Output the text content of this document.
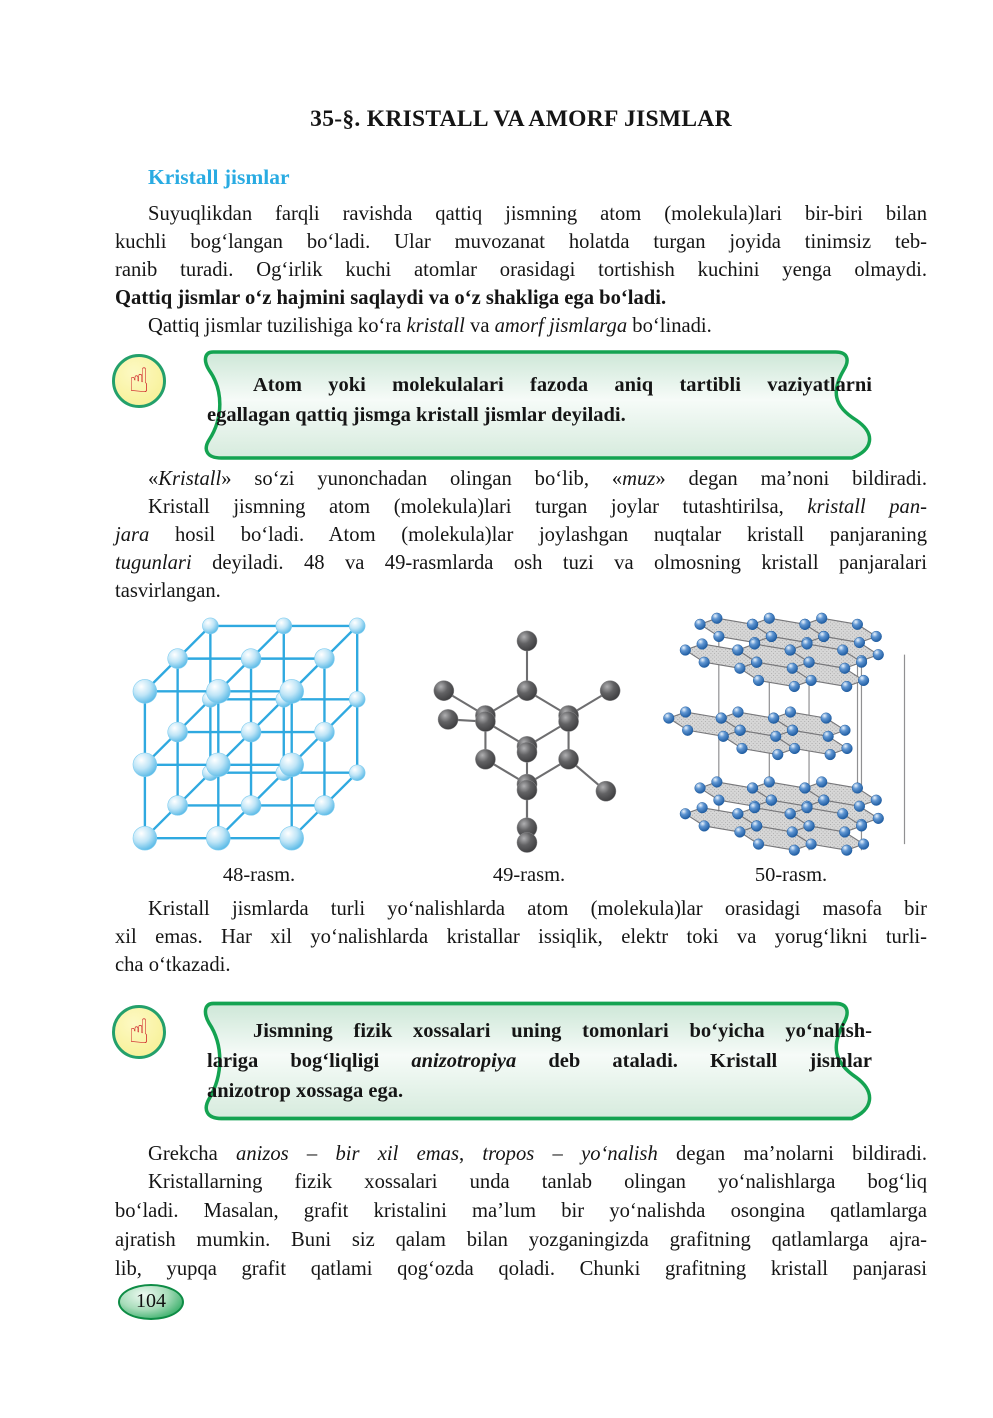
35-§. KRISTALL VA AMORF JISMLAR
Kristall jismlar
Suyuqlikdan farqli ravishda qattiq jismning atom (molekula)lari bir-biri bilan
kuchli bog‘langan bo‘ladi. Ular muvozanat holatda turgan joyida tinimsiz teb-
ranib turadi. Og‘irlik kuchi atomlar orasidagi tortishish kuchini yenga olmaydi.
Qattiq jismlar o‘z hajmini saqlaydi va o‘z shakliga ega bo‘ladi.
Qattiq jismlar tuzilishiga ko‘ra kristall va amorf jismlarga bo‘linadi.
☝	Atom yoki molekulalari fazoda aniq tartibli vaziyatlarni
egallagan qattiq jismga kristall jismlar deyiladi.
«Kristall» so‘zi yunonchadan olingan bo‘lib, «muz» degan ma’noni bildiradi.
Kristall jismning atom (molekula)lari turgan joylar tutashtirilsa, kristall pan-
jara hosil bo‘ladi. Atom (molekula)lar joylashgan nuqtalar kristall panjaraning
tugunlari deyiladi. 48 va 49-rasmlarda osh tuzi va olmosning kristall panjaralari
tasvirlangan.
48-rasm.	49-rasm.	50-rasm.
Kristall jismlarda turli yo‘nalishlarda atom (molekula)lar orasidagi masofa bir
xil emas. Har xil yo‘nalishlarda kristallar issiqlik, elektr toki va yorug‘likni turli-
cha o‘tkazadi.
☝	Jismning fizik xossalari uning tomonlari bo‘yicha yo‘nalish-
lariga bog‘liqligi anizotropiya deb ataladi. Kristall jismlar
anizotrop xossaga ega.
Grekcha anizos – bir xil emas, tropos – yo‘nalish degan ma’nolarni bildiradi.
Kristallarning fizik xossalari unda tanlab olingan yo‘nalishlarga bog‘liq
bo‘ladi. Masalan, grafit kristalini ma’lum bir yo‘nalishda osongina qatlamlarga
ajratish mumkin. Buni siz qalam bilan yozganingizda grafitning qatlamlarga ajra-
lib, yupqa grafit qatlami qog‘ozda qoladi. Chunki grafitning kristall panjarasi
104
